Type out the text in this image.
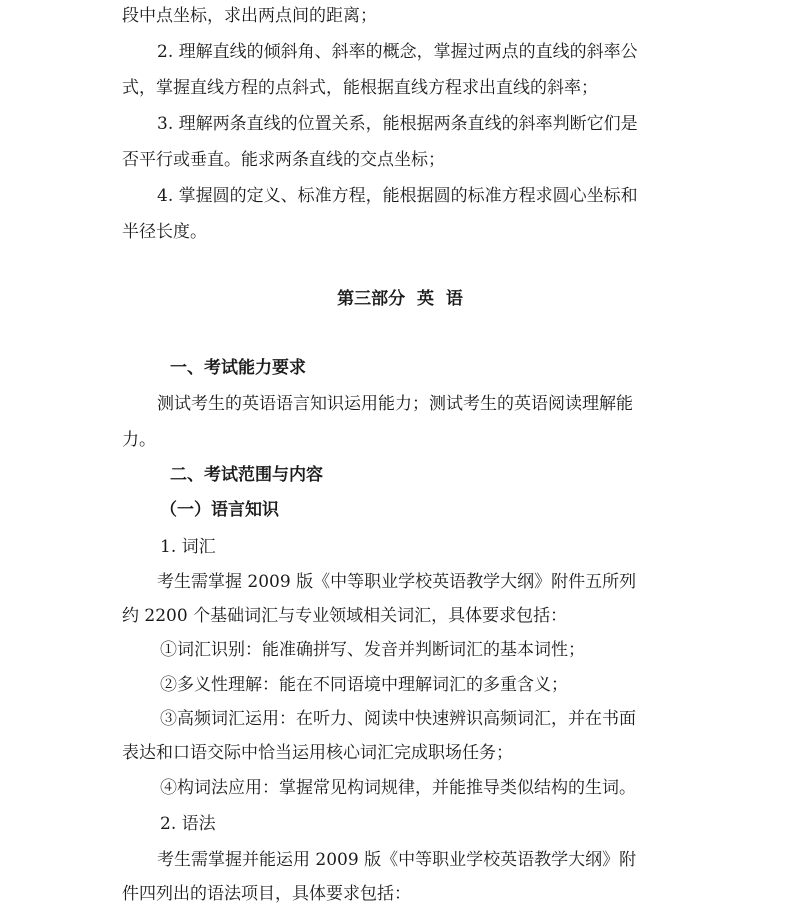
段中点坐标，求出两点间的距离；
2. 理解直线的倾斜角、斜率的概念，掌握过两点的直线的斜率公
式，掌握直线方程的点斜式，能根据直线方程求出直线的斜率；
3. 理解两条直线的位置关系，能根据两条直线的斜率判断它们是
否平行或垂直。能求两条直线的交点坐标；
4. 掌握圆的定义、标准方程，能根据圆的标准方程求圆心坐标和
半径长度。
第三部分  英  语
一、考试能力要求
测试考生的英语语言知识运用能力；测试考生的英语阅读理解能
力。
二、考试范围与内容
（一）语言知识
1. 词汇
考生需掌握 2009 版《中等职业学校英语教学大纲》附件五所列
约 2200 个基础词汇与专业领域相关词汇，具体要求包括：
①词汇识别：能准确拼写、发音并判断词汇的基本词性；
②多义性理解：能在不同语境中理解词汇的多重含义；
③高频词汇运用：在听力、阅读中快速辨识高频词汇，并在书面
表达和口语交际中恰当运用核心词汇完成职场任务；
④构词法应用：掌握常见构词规律，并能推导类似结构的生词。
2. 语法
考生需掌握并能运用 2009 版《中等职业学校英语教学大纲》附
件四列出的语法项目，具体要求包括：
